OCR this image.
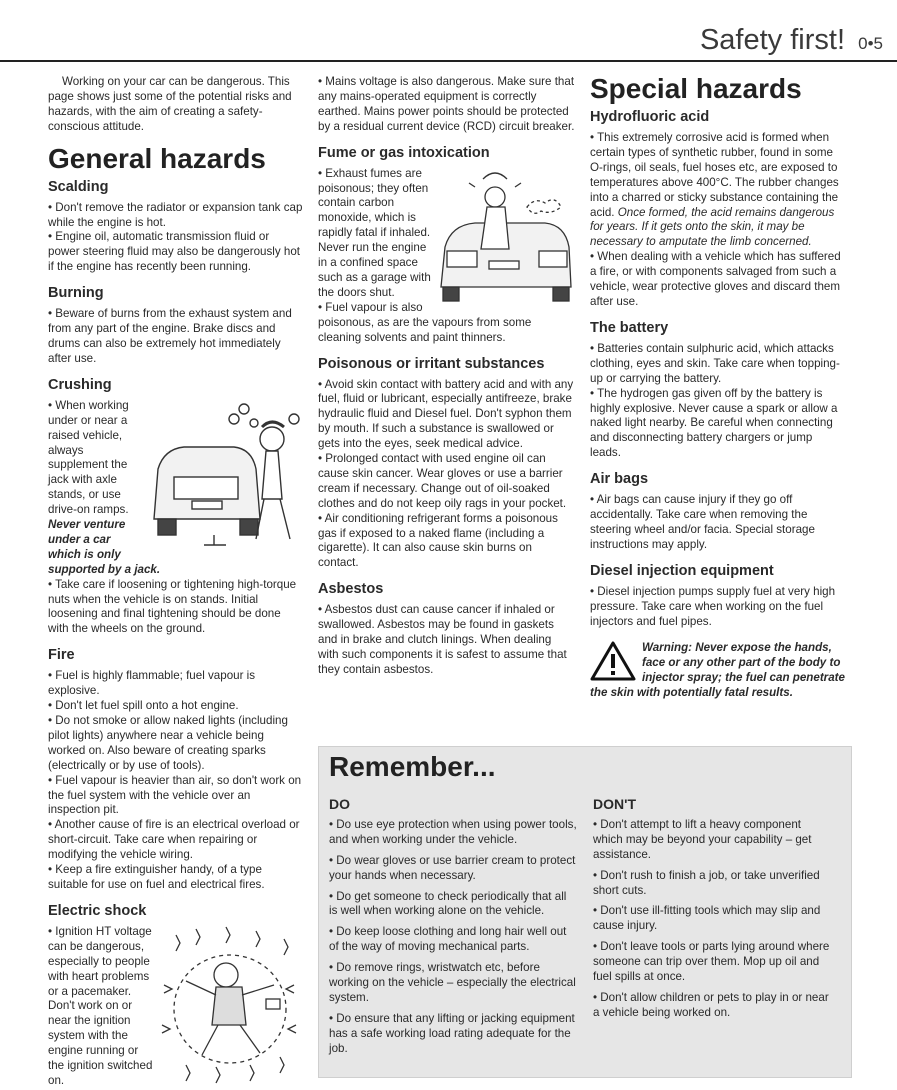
Safety first! 0•5

Working on your car can be dangerous. This page shows just some of the potential risks and hazards, with the aim of creating a safety-conscious attitude.

General hazards
Scalding

• Don't remove the radiator or expansion tank cap while the engine is hot.

• Engine oil, automatic transmission fluid or power steering fluid may also be dangerously hot if the engine has recently been running.

Burning

• Beware of burns from the exhaust system and from any part of the engine. Brake discs and drums can also be extremely hot immediately after use.

Crushing

• When working under or near a raised vehicle, always supplement the jack with axle stands, or use drive-on ramps. Never venture under a car which is only supported by a jack.

• Take care if loosening or tightening high-torque nuts when the vehicle is on stands. Initial loosening and final tightening should be done with the wheels on the ground.

Fire

• Fuel is highly flammable; fuel vapour is explosive.

• Don't let fuel spill onto a hot engine.

• Do not smoke or allow naked lights (including pilot lights) anywhere near a vehicle being worked on. Also beware of creating sparks (electrically or by use of tools).

• Fuel vapour is heavier than air, so don't work on the fuel system with the vehicle over an inspection pit.

• Another cause of fire is an electrical overload or short-circuit. Take care when repairing or modifying the vehicle wiring.

• Keep a fire extinguisher handy, of a type suitable for use on fuel and electrical fires.

Electric shock

• Ignition HT voltage can be dangerous, especially to people with heart problems or a pacemaker. Don't work on or near the ignition system with the engine running or the ignition switched on.

• Mains voltage is also dangerous. Make sure that any mains-operated equipment is correctly earthed. Mains power points should be protected by a residual current device (RCD) circuit breaker.

Fume or gas intoxication

• Exhaust fumes are poisonous; they often contain carbon monoxide, which is rapidly fatal if inhaled. Never run the engine in a confined space such as a garage with the doors shut.

• Fuel vapour is also poisonous, as are the vapours from some cleaning solvents and paint thinners.

Poisonous or irritant substances

• Avoid skin contact with battery acid and with any fuel, fluid or lubricant, especially antifreeze, brake hydraulic fluid and Diesel fuel. Don't syphon them by mouth. If such a substance is swallowed or gets into the eyes, seek medical advice.

• Prolonged contact with used engine oil can cause skin cancer. Wear gloves or use a barrier cream if necessary. Change out of oil-soaked clothes and do not keep oily rags in your pocket.

• Air conditioning refrigerant forms a poisonous gas if exposed to a naked flame (including a cigarette). It can also cause skin burns on contact.

Asbestos

• Asbestos dust can cause cancer if inhaled or swallowed. Asbestos may be found in gaskets and in brake and clutch linings. When dealing with such components it is safest to assume that they contain asbestos.

Special hazards
Hydrofluoric acid

• This extremely corrosive acid is formed when certain types of synthetic rubber, found in some O-rings, oil seals, fuel hoses etc, are exposed to temperatures above 400°C. The rubber changes into a charred or sticky substance containing the acid. Once formed, the acid remains dangerous for years. If it gets onto the skin, it may be necessary to amputate the limb concerned.

• When dealing with a vehicle which has suffered a fire, or with components salvaged from such a vehicle, wear protective gloves and discard them after use.

The battery

• Batteries contain sulphuric acid, which attacks clothing, eyes and skin. Take care when topping-up or carrying the battery.

• The hydrogen gas given off by the battery is highly explosive. Never cause a spark or allow a naked light nearby. Be careful when connecting and disconnecting battery chargers or jump leads.

Air bags

• Air bags can cause injury if they go off accidentally. Take care when removing the steering wheel and/or facia. Special storage instructions may apply.

Diesel injection equipment

• Diesel injection pumps supply fuel at very high pressure. Take care when working on the fuel injectors and fuel pipes.

Warning: Never expose the hands, face or any other part of the body to injector spray; the fuel can penetrate the skin with potentially fatal results.

Remember...
DO

• Do use eye protection when using power tools, and when working under the vehicle.

• Do wear gloves or use barrier cream to protect your hands when necessary.

• Do get someone to check periodically that all is well when working alone on the vehicle.

• Do keep loose clothing and long hair well out of the way of moving mechanical parts.

• Do remove rings, wristwatch etc, before working on the vehicle – especially the electrical system.

• Do ensure that any lifting or jacking equipment has a safe working load rating adequate for the job.

DON'T

• Don't attempt to lift a heavy component which may be beyond your capability – get assistance.

• Don't rush to finish a job, or take unverified short cuts.

• Don't use ill-fitting tools which may slip and cause injury.

• Don't leave tools or parts lying around where someone can trip over them. Mop up oil and fuel spills at once.

• Don't allow children or pets to play in or near a vehicle being worked on.
